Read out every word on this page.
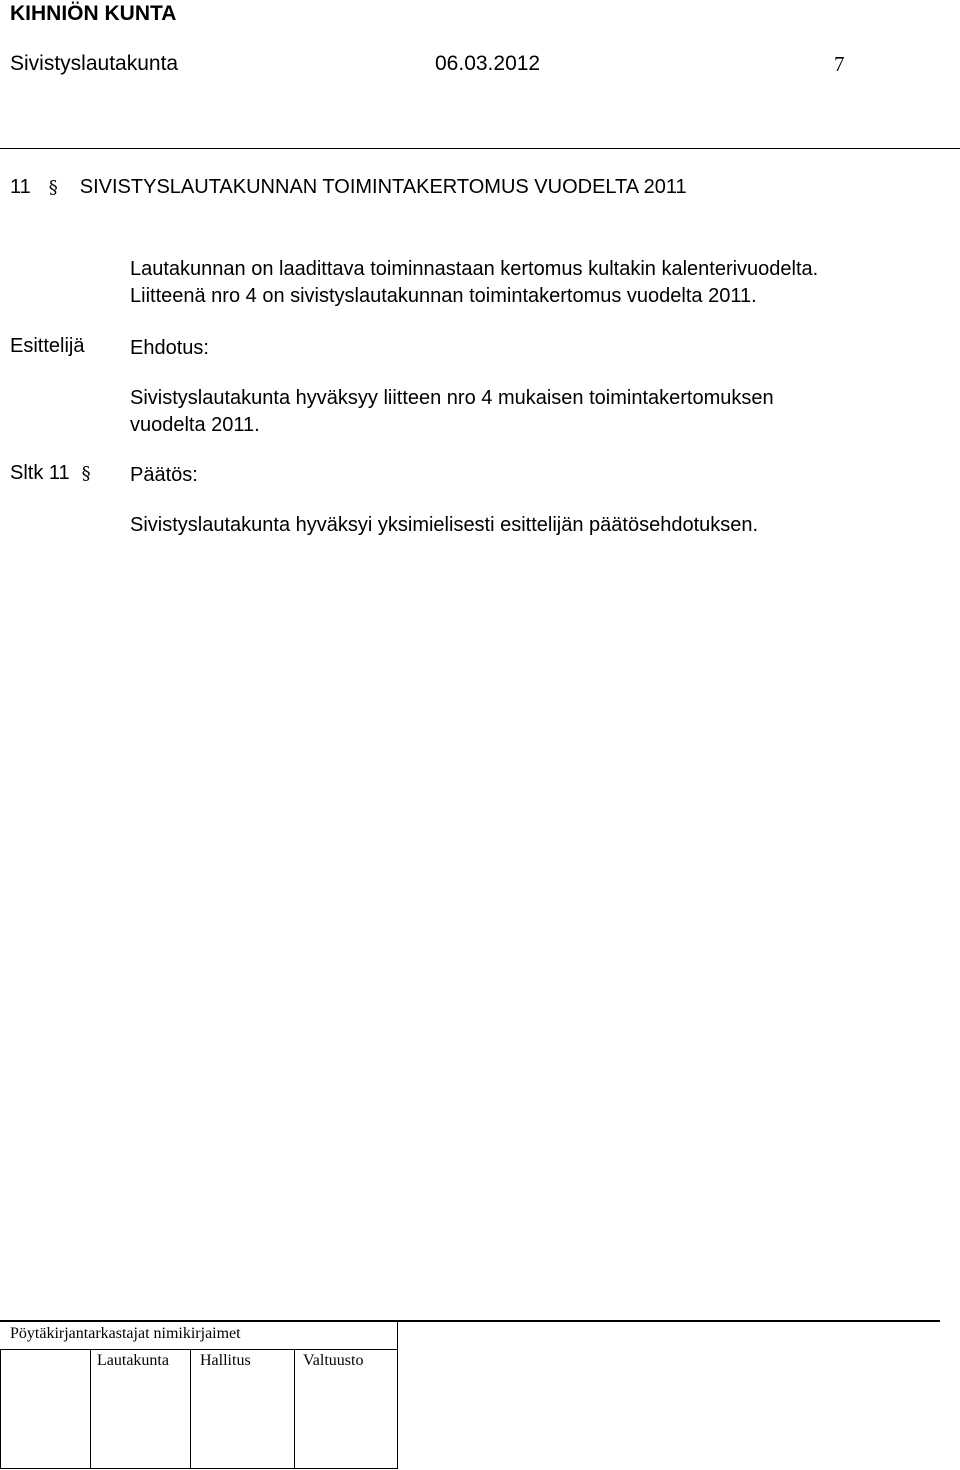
KIHNIÖN KUNTA
Sivistyslautakunta	06.03.2012	7
11 § SIVISTYSLAUTAKUNNAN TOIMINTAKERTOMUS VUODELTA 2011
Lautakunnan on laadittava toiminnastaan kertomus kultakin kalenterivuodelta.
Liitteenä nro 4 on sivistyslautakunnan toimintakertomus vuodelta 2011.
Esittelijä Ehdotus:
Sivistyslautakunta hyväksyy liitteen nro 4 mukaisen toimintakertomuksen
vuodelta 2011.
Sltk 11 § Päätös:
Sivistyslautakunta hyväksyi yksimielisesti esittelijän päätösehdotuksen.
Pöytäkirjantarkastajat nimikirjaimet
Lautakunta Hallitus	Valtuusto
